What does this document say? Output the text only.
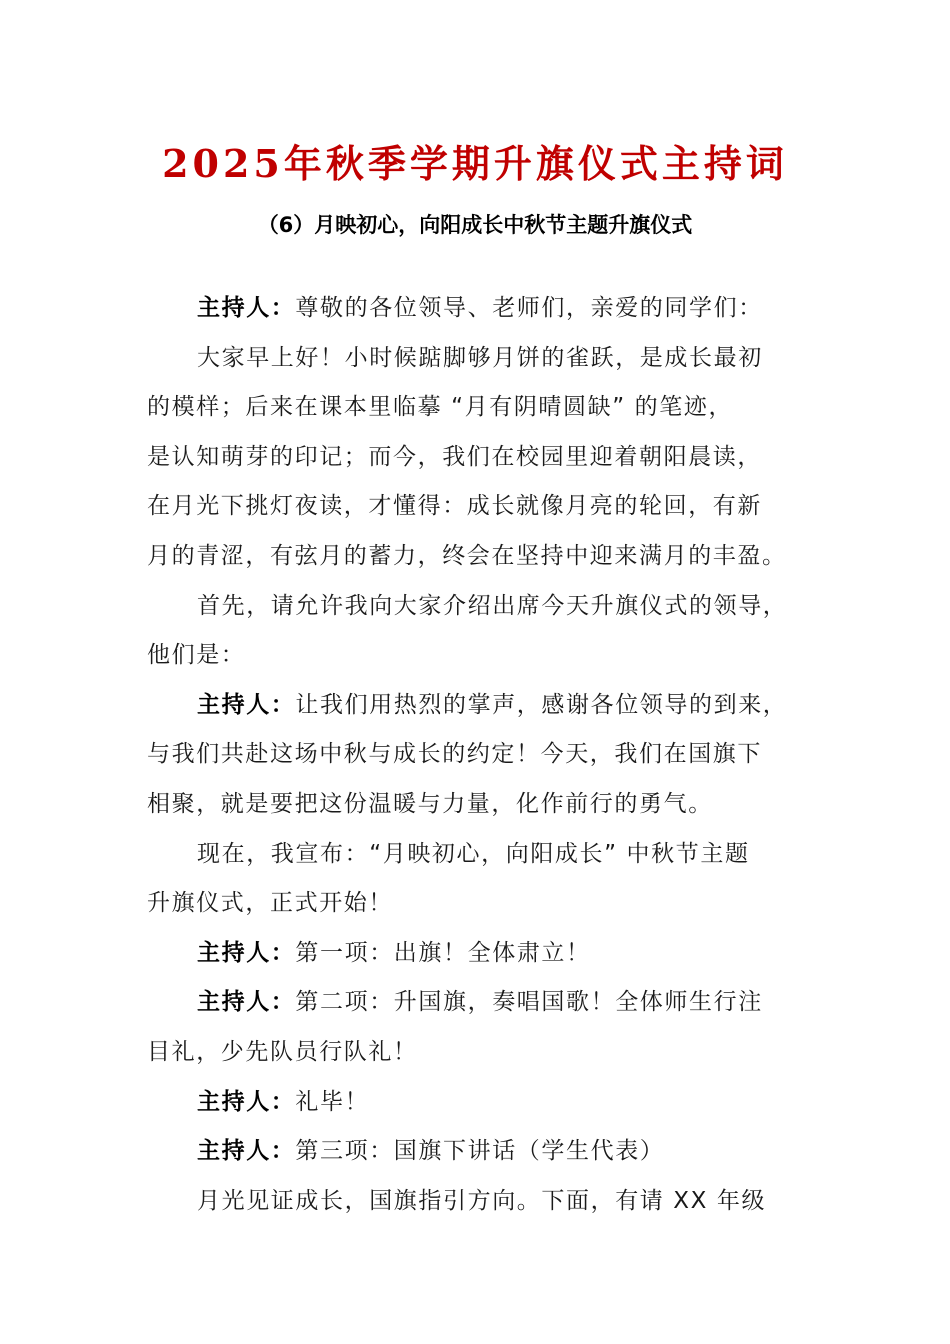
2025年秋季学期升旗仪式主持词
（6）月映初心，向阳成长中秋节主题升旗仪式
主持人：尊敬的各位领导、老师们，亲爱的同学们：
大家早上好！小时候踮脚够月饼的雀跃，是成长最初
的模样；后来在课本里临摹 “月有阴晴圆缺” 的笔迹，
是认知萌芽的印记；而今，我们在校园里迎着朝阳晨读，
在月光下挑灯夜读，才懂得：成长就像月亮的轮回，有新
月的青涩，有弦月的蓄力，终会在坚持中迎来满月的丰盈。
首先，请允许我向大家介绍出席今天升旗仪式的领导，
他们是：
主持人：让我们用热烈的掌声，感谢各位领导的到来，
与我们共赴这场中秋与成长的约定！今天，我们在国旗下
相聚，就是要把这份温暖与力量，化作前行的勇气。
现在，我宣布：“月映初心，向阳成长” 中秋节主题
升旗仪式，正式开始！
主持人：第一项：出旗！全体肃立！
主持人：第二项：升国旗，奏唱国歌！全体师生行注
目礼，少先队员行队礼！
主持人：礼毕！
主持人：第三项：国旗下讲话（学生代表）
月光见证成长，国旗指引方向。下面，有请 XX 年级
